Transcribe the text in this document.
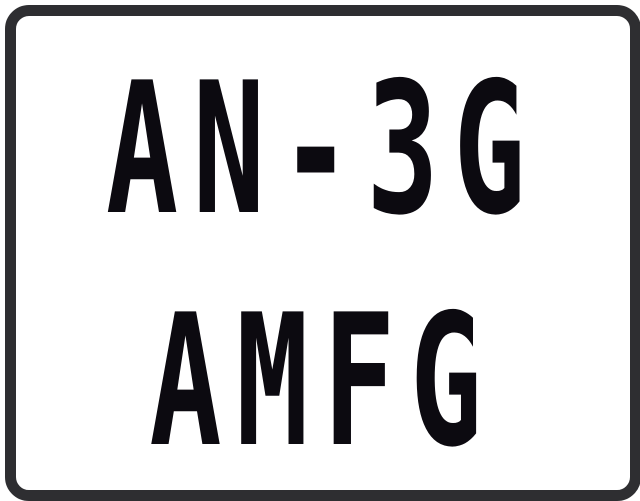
AN-3G
AMFG
